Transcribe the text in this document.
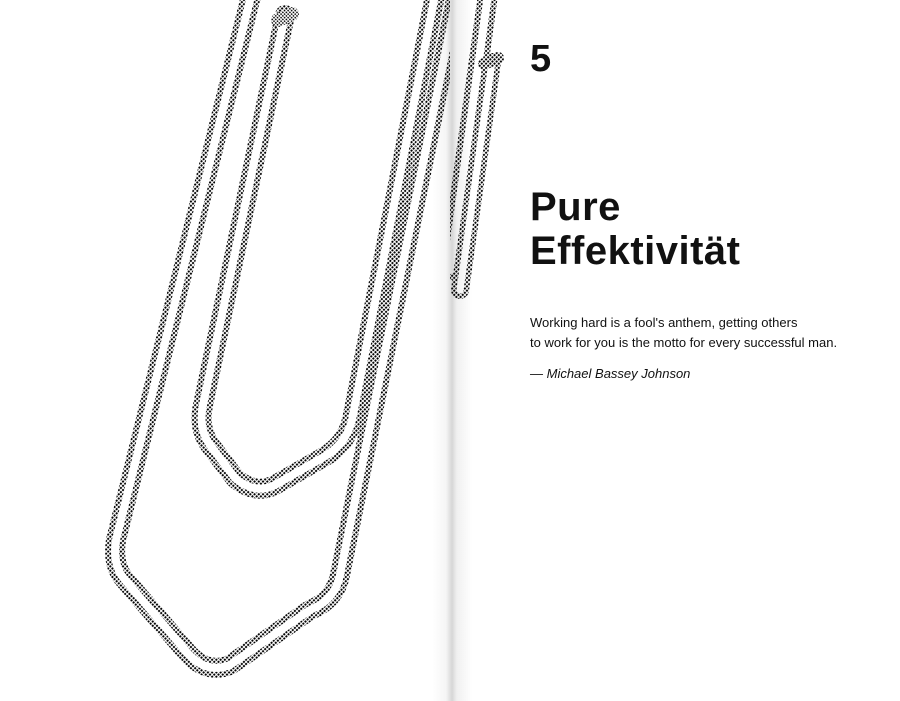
5
Pure
Effektivität

Working hard is a fool's anthem, getting others
to work for you is the motto for every successful man.

— Michael Bassey Johnson
